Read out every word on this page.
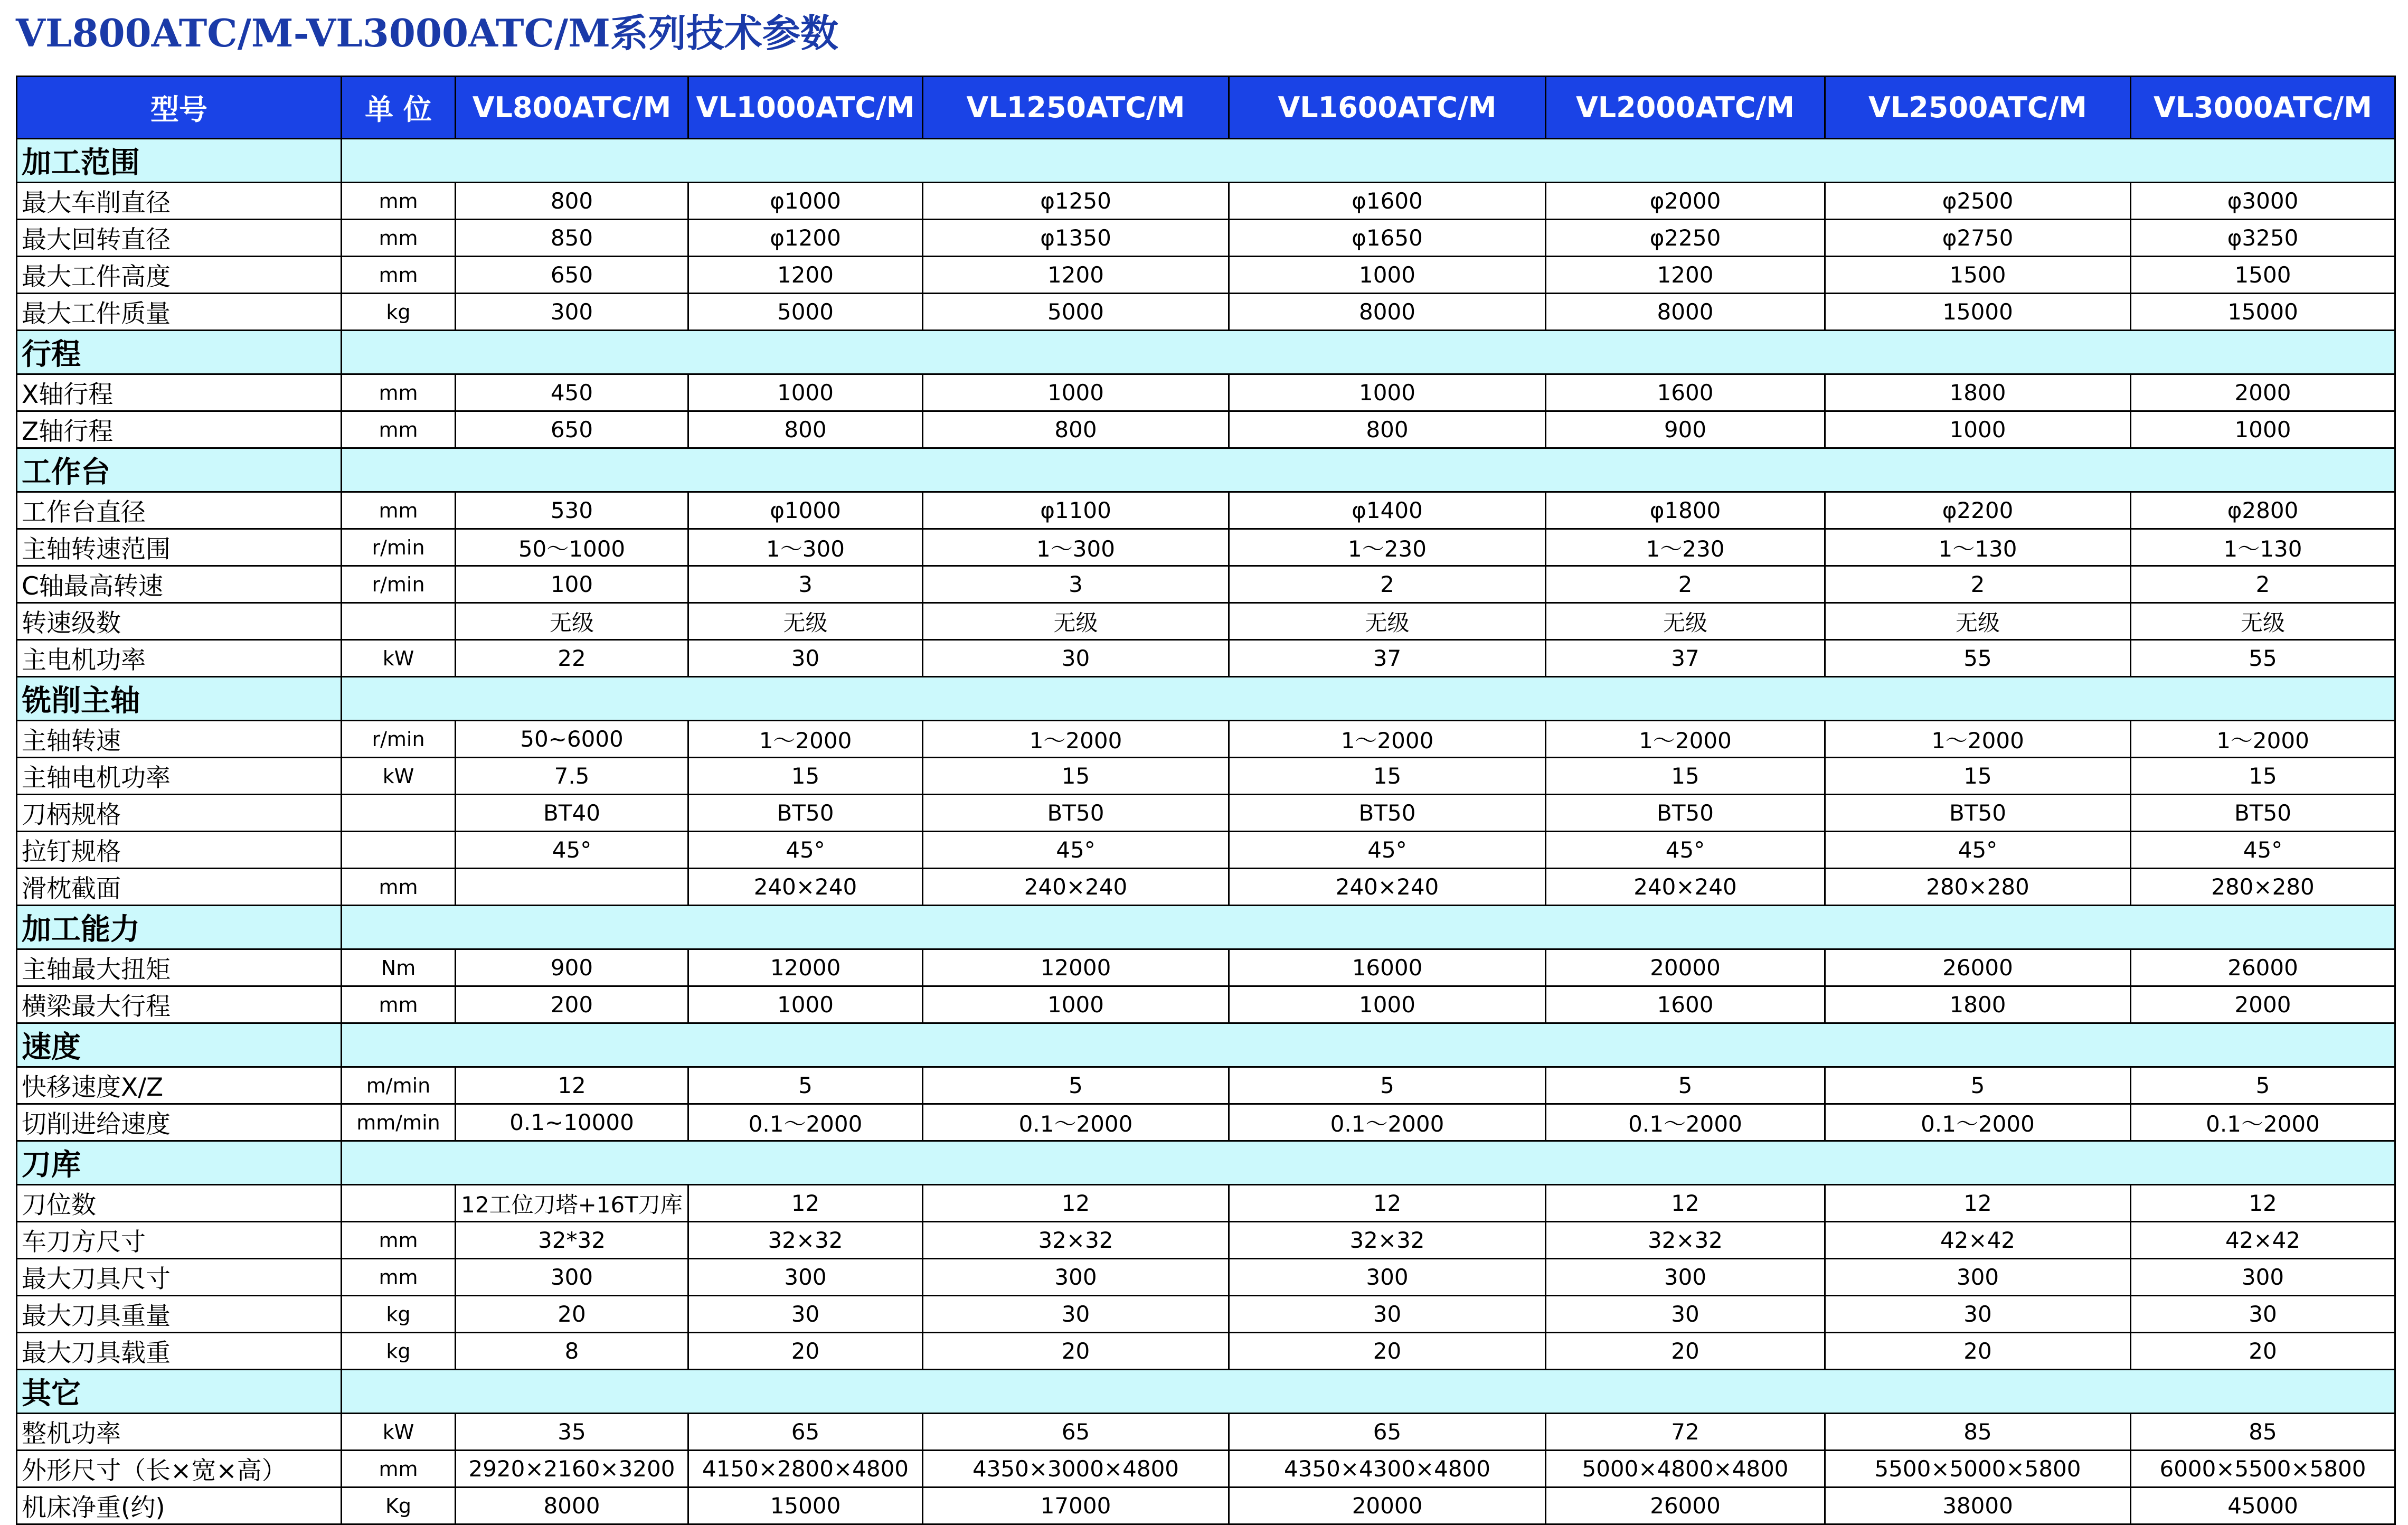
VL800ATC/M-VL3000ATC/M系列技术参数
型号	单 位	VL800ATC/M	VL1000ATC/M	VL1250ATC/M	VL1600ATC/M	VL2000ATC/M	VL2500ATC/M	VL3000ATC/M
加工范围								
最大车削直径	mm	800	φ1000	φ1250	φ1600	φ2000	φ2500	φ3000
最大回转直径	mm	850	φ1200	φ1350	φ1650	φ2250	φ2750	φ3250
最大工件高度	mm	650	1200	1200	1000	1200	1500	1500
最大工件质量	kg	300	5000	5000	8000	8000	15000	15000
行程								
X轴行程	mm	450	1000	1000	1000	1600	1800	2000
Z轴行程	mm	650	800	800	800	900	1000	1000
工作台								
工作台直径	mm	530	φ1000	φ1100	φ1400	φ1800	φ2200	φ2800
主轴转速范围	r/min	50～1000	1～300	1～300	1～230	1～230	1～130	1～130
C轴最高转速	r/min	100	3	3	2	2	2	2
转速级数		无级	无级	无级	无级	无级	无级	无级
主电机功率	kW	22	30	30	37	37	55	55
铣削主轴								
主轴转速	r/min	50~6000	1～2000	1～2000	1～2000	1～2000	1～2000	1～2000
主轴电机功率	kW	7.5	15	15	15	15	15	15
刀柄规格		BT40	BT50	BT50	BT50	BT50	BT50	BT50
拉钉规格		45°	45°	45°	45°	45°	45°	45°
滑枕截面	mm		240×240	240×240	240×240	240×240	280×280	280×280
加工能力								
主轴最大扭矩	Nm	900	12000	12000	16000	20000	26000	26000
横梁最大行程	mm	200	1000	1000	1000	1600	1800	2000
速度								
快移速度X/Z	m/min	12	5	5	5	5	5	5
切削进给速度	mm/min	0.1~10000	0.1～2000	0.1～2000	0.1～2000	0.1～2000	0.1～2000	0.1～2000
刀库								
刀位数		12工位刀塔+16T刀库	12	12	12	12	12	12
车刀方尺寸	mm	32*32	32×32	32×32	32×32	32×32	42×42	42×42
最大刀具尺寸	mm	300	300	300	300	300	300	300
最大刀具重量	kg	20	30	30	30	30	30	30
最大刀具载重	kg	8	20	20	20	20	20	20
其它								
整机功率	kW	35	65	65	65	72	85	85
外形尺寸（长×宽×高）	mm	2920×2160×3200	4150×2800×4800	4350×3000×4800	4350×4300×4800	5000×4800×4800	5500×5000×5800	6000×5500×5800
机床净重(约)	Kg	8000	15000	17000	20000	26000	38000	45000
